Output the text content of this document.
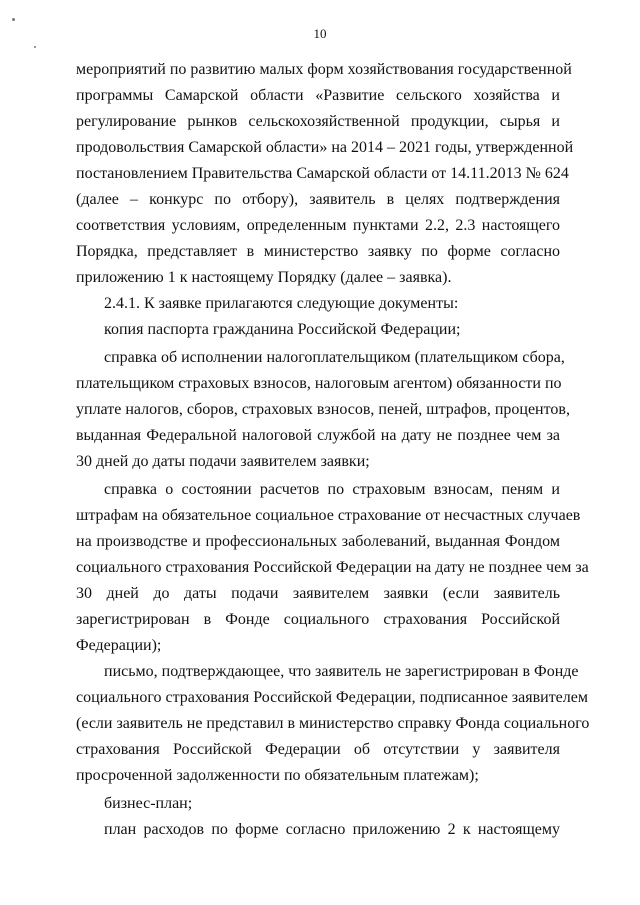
10
мероприятий по развитию малых форм хозяйствования государственной
программы Самарской области «Развитие сельского хозяйства и
регулирование рынков сельскохозяйственной продукции, сырья и
продовольствия Самарской области» на 2014 – 2021 годы, утвержденной
постановлением Правительства Самарской области от 14.11.2013 № 624
(далее – конкурс по отбору), заявитель в целях подтверждения
соответствия условиям, определенным пунктами 2.2, 2.3 настоящего
Порядка, представляет в министерство заявку по форме согласно
приложению 1 к настоящему Порядку (далее – заявка).
2.4.1. К заявке прилагаются следующие документы:
копия паспорта гражданина Российской Федерации;
справка об исполнении налогоплательщиком (плательщиком сбора,
плательщиком страховых взносов, налоговым агентом) обязанности по
уплате налогов, сборов, страховых взносов, пеней, штрафов, процентов,
выданная Федеральной налоговой службой на дату не позднее чем за
30 дней до даты подачи заявителем заявки;
справка о состоянии расчетов по страховым взносам, пеням и
штрафам на обязательное социальное страхование от несчастных случаев
на производстве и профессиональных заболеваний, выданная Фондом
социального страхования Российской Федерации на дату не позднее чем за
30 дней до даты подачи заявителем заявки (если заявитель
зарегистрирован в Фонде социального страхования Российской
Федерации);
письмо, подтверждающее, что заявитель не зарегистрирован в Фонде
социального страхования Российской Федерации, подписанное заявителем
(если заявитель не представил в министерство справку Фонда социального
страхования Российской Федерации об отсутствии у заявителя
просроченной задолженности по обязательным платежам);
бизнес-план;
план расходов по форме согласно приложению 2 к настоящему
